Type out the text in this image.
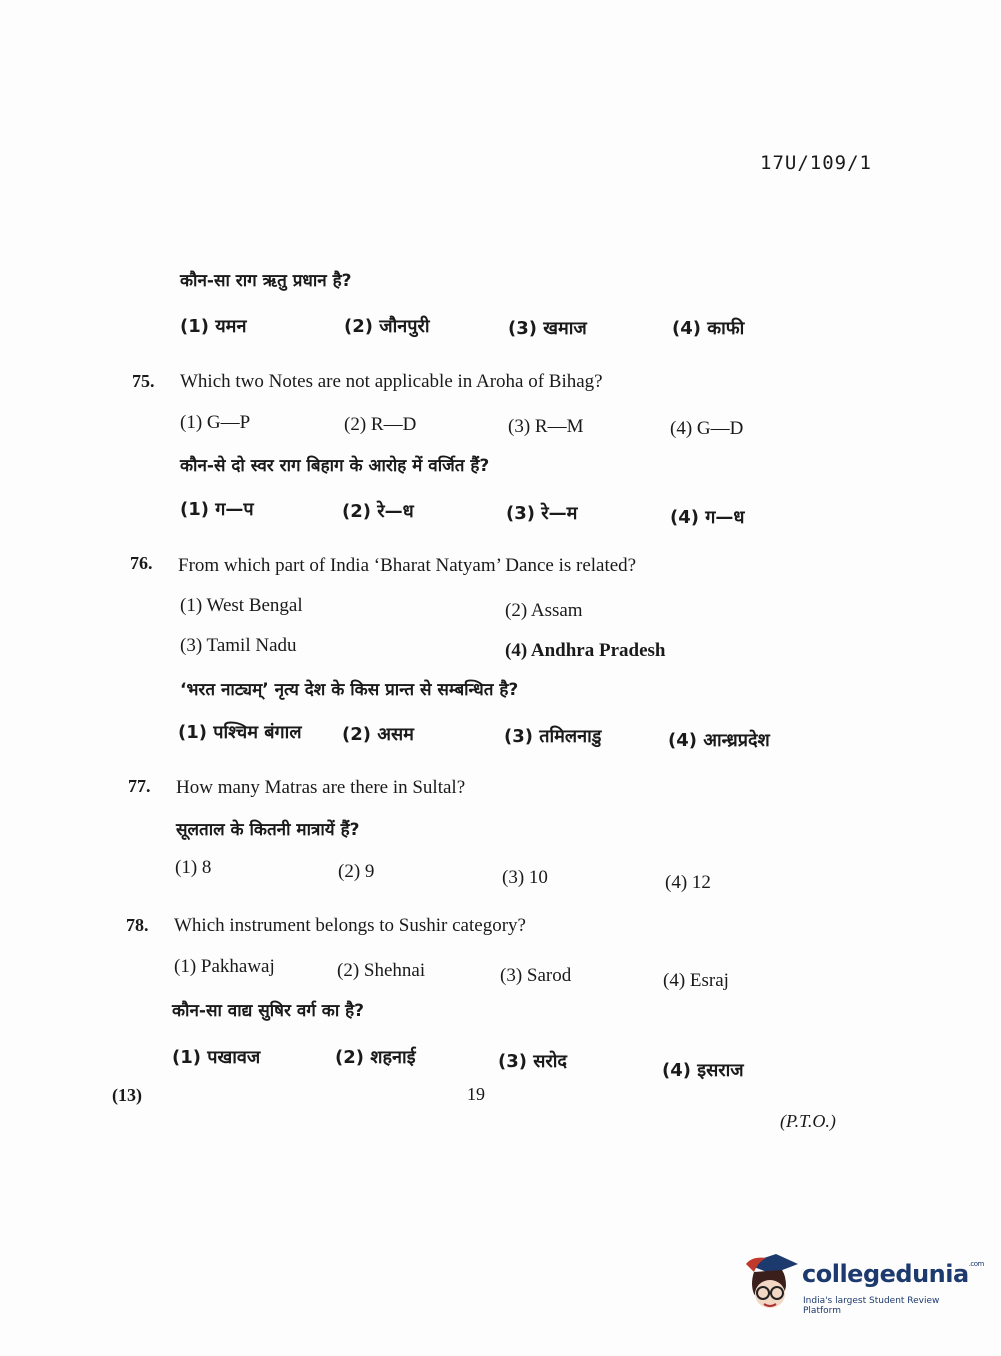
17U/109/1
कौन-सा राग ऋतु प्रधान है?
(1) यमन	(2) जौनपुरी	(3) खमाज	(4) काफी
75. Which two Notes are not applicable in Aroha of Bihag?
(1) G—P	(2) R—D	(3) R—M	(4) G—D
कौन-से दो स्वर राग बिहाग के आरोह में वर्जित हैं?
(1) ग—प	(2) रे—ध	(3) रे—म	(4) ग—ध
76. From which part of India ‘Bharat Natyam’ Dance is related?
(1) West Bengal	(2) Assam
(3) Tamil Nadu	(4) Andhra Pradesh
‘भरत नाट्यम्’ नृत्य देश के किस प्रान्त से सम्बन्धित है?
(1) पश्चिम बंगाल (2) असम	(3) तमिलनाडु	(4) आन्ध्रप्रदेश
77. How many Matras are there in Sultal?
सूलताल के कितनी मात्रायें हैं?
(1) 8	(2) 9	(3) 10	(4) 12
78. Which instrument belongs to Sushir category?
(1) Pakhawaj	(2) Shehnai	(3) Sarod	(4) Esraj
कौन-सा वाद्य सुषिर वर्ग का है?
(1) पखावज	(2) शहनाई	(3) सरोद	(4) इसराज
(13)	19
(P.T.O.)
collegedunia$^{.com}$
India's largest Student Review Platform
